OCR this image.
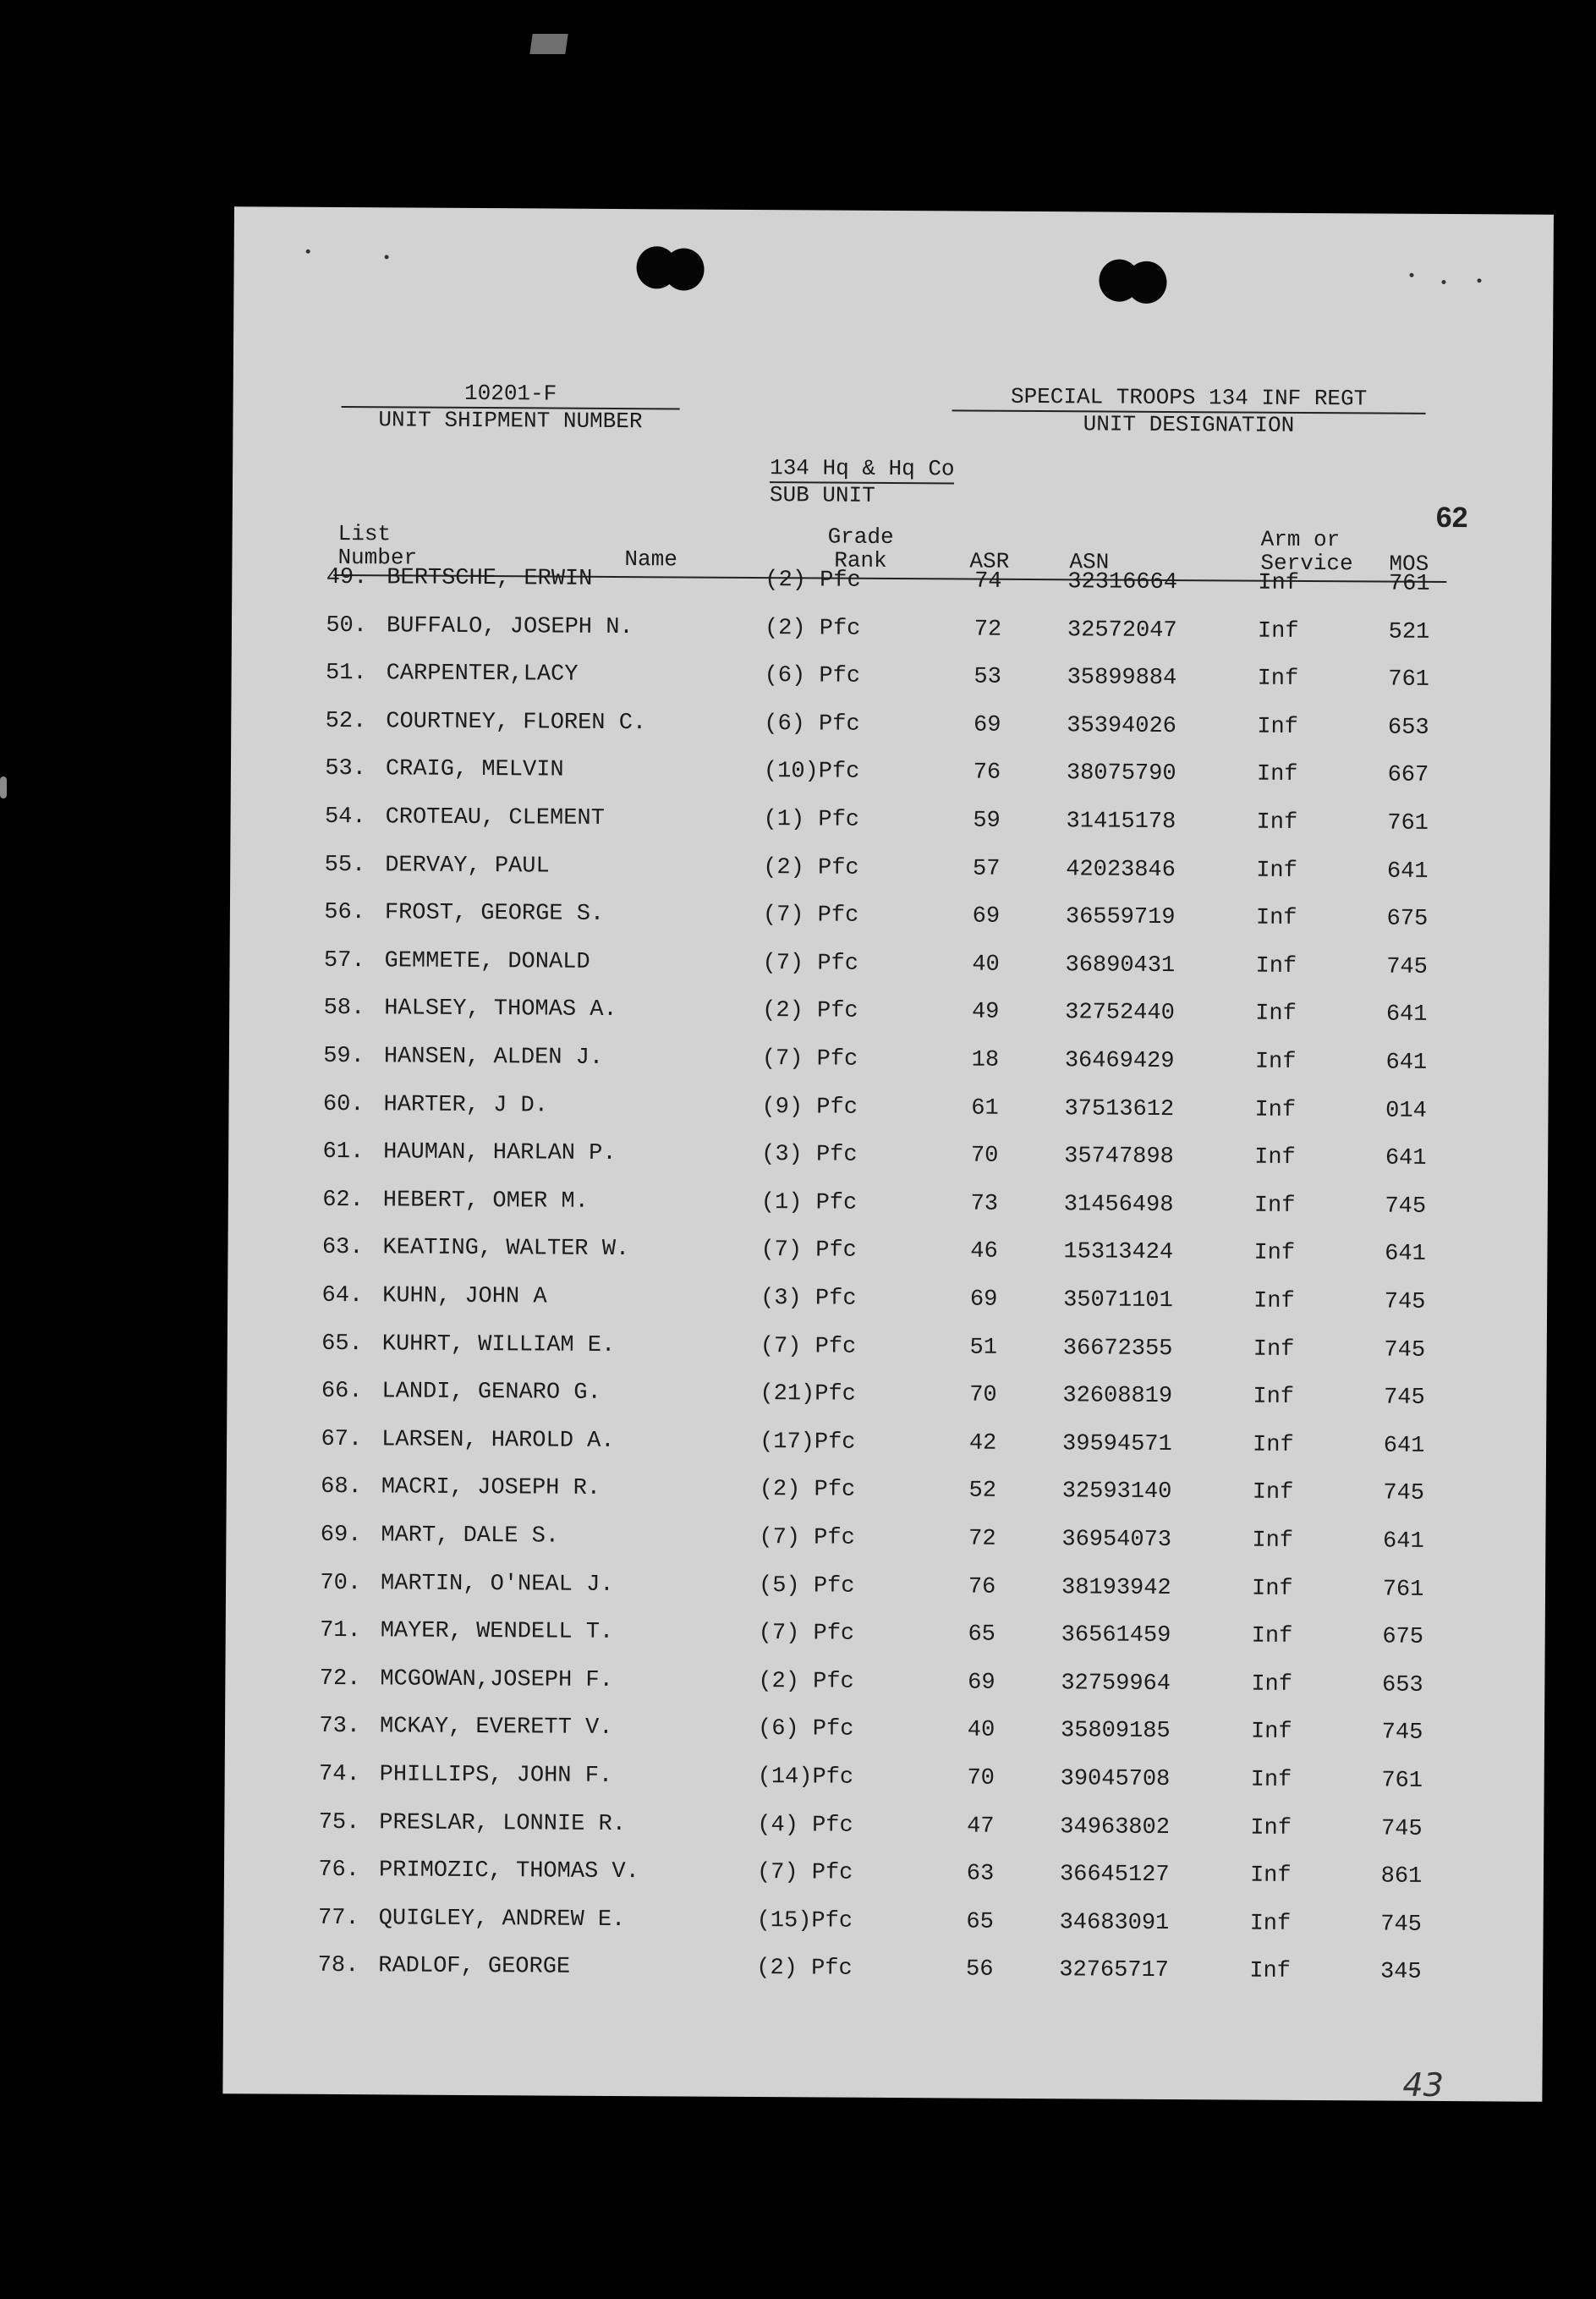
10201-F
UNIT SHIPMENT NUMBER
SPECIAL TROOPS 134 INF REGT
UNIT DESIGNATION
134 Hq & Hq Co
SUB UNIT
62
List
Number	Name
Grade
Rank	ASR	ASN
Arm or
Service MOS
49. BERTSCHE, ERWIN	(2) Pfc	74	32316664	Inf	761
50. BUFFALO, JOSEPH N.	(2) Pfc	72	32572047	Inf	521
51. CARPENTER,LACY	(6) Pfc	53	35899884	Inf	761
52. COURTNEY, FLOREN C.	(6) Pfc	69	35394026	Inf	653
53. CRAIG, MELVIN	(10)Pfc	76	38075790	Inf	667
54. CROTEAU, CLEMENT	(1) Pfc	59	31415178	Inf	761
55. DERVAY, PAUL	(2) Pfc	57	42023846	Inf	641
56. FROST, GEORGE S.	(7) Pfc	69	36559719	Inf	675
57. GEMMETE, DONALD	(7) Pfc	40	36890431	Inf	745
58. HALSEY, THOMAS A.	(2) Pfc	49	32752440	Inf	641
59. HANSEN, ALDEN J.	(7) Pfc	18	36469429	Inf	641
60. HARTER, J D.	(9) Pfc	61	37513612	Inf	014
61. HAUMAN, HARLAN P.	(3) Pfc	70	35747898	Inf	641
62. HEBERT, OMER M.	(1) Pfc	73	31456498	Inf	745
63. KEATING, WALTER W.	(7) Pfc	46	15313424	Inf	641
64. KUHN, JOHN A	(3) Pfc	69	35071101	Inf	745
65. KUHRT, WILLIAM E.	(7) Pfc	51	36672355	Inf	745
66. LANDI, GENARO G.	(21)Pfc	70	32608819	Inf	745
67. LARSEN, HAROLD A.	(17)Pfc	42	39594571	Inf	641
68. MACRI, JOSEPH R.	(2) Pfc	52	32593140	Inf	745
69. MART, DALE S.	(7) Pfc	72	36954073	Inf	641
70. MARTIN, O'NEAL J.	(5) Pfc	76	38193942	Inf	761
71. MAYER, WENDELL T.	(7) Pfc	65	36561459	Inf	675
72. MCGOWAN,JOSEPH F.	(2) Pfc	69	32759964	Inf	653
73. MCKAY, EVERETT V.	(6) Pfc	40	35809185	Inf	745
74. PHILLIPS, JOHN F.	(14)Pfc	70	39045708	Inf	761
75. PRESLAR, LONNIE R.	(4) Pfc	47	34963802	Inf	745
76. PRIMOZIC, THOMAS V.	(7) Pfc	63	36645127	Inf	861
77. QUIGLEY, ANDREW E.	(15)Pfc	65	34683091	Inf	745
78. RADLOF, GEORGE	(2) Pfc	56	32765717	Inf	345
43
